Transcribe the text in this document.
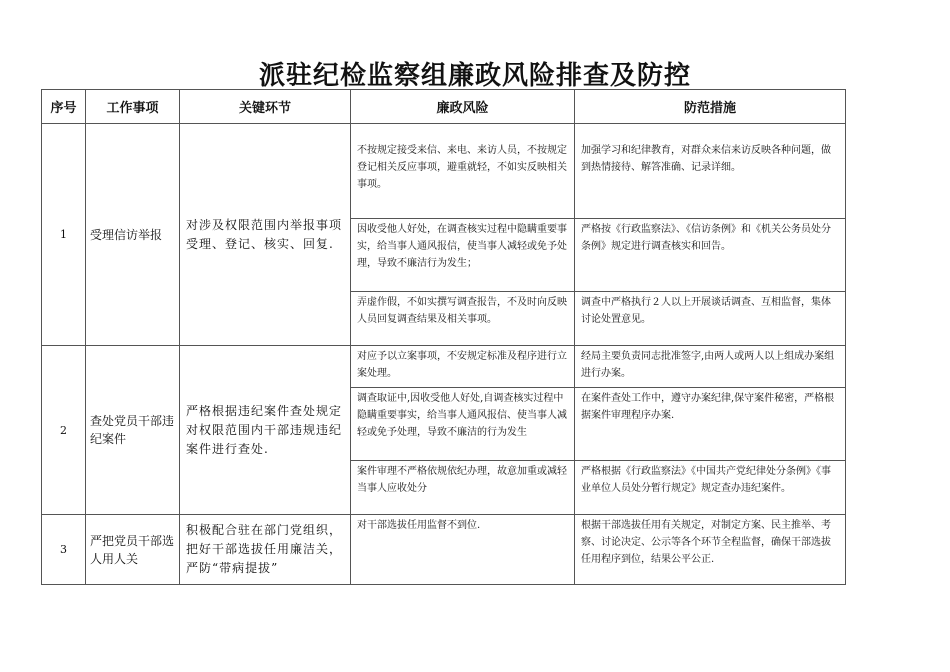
派驻纪检监察组廉政风险排查及防控
序号	工作事项	关键环节	廉政风险	防范措施
1	受理信访举报	对涉及权限范围内举报事项受理、登记、核实、回复.	不按规定接受来信、来电、来访人员，不按规定登记相关反应事项，避重就轻，不如实反映相关事项。	加强学习和纪律教育，对群众来信来访反映各种问题，做到热情接待、解答准确、记录详细。
			因收受他人好处，在调查核实过程中隐瞒重要事实，给当事人通风报信，使当事人减轻或免予处理，导致不廉洁行为发生；	严格按《行政监察法》、《信访条例》和《机关公务员处分条例》规定进行调查核实和回告。
			弄虚作假，不如实撰写调查报告，不及时向反映人员回复调查结果及相关事项。	调查中严格执行２人以上开展谈话调查、互相监督，集体讨论处置意见。
2	查处党员干部违纪案件	严格根据违纪案件查处规定对权限范围内干部违规违纪案件进行查处.	对应予以立案事项，不安规定标准及程序进行立案处理。	经局主要负责同志批准签字,由两人或两人以上组成办案组进行办案。
			调查取证中,因收受他人好处,自调查核实过程中隐瞒重要事实，给当事人通风报信、使当事人减轻或免予处理，导致不廉洁的行为发生	在案件查处工作中，遵守办案纪律,保守案件秘密，严格根据案件审理程序办案.
			案件审理不严格依规依纪办理，故意加重或减轻当事人应收处分	严格根据《行政监察法》《中国共产党纪律处分条例》《事业单位人员处分暂行规定》规定查办违纪案件。
3	严把党员干部选人用人关	积极配合驻在部门党组织，把好干部选拔任用廉洁关，严防“带病提拔”	对干部选拔任用监督不到位.	根据干部选拔任用有关规定，对制定方案、民主推举、考察、讨论决定、公示等各个环节全程监督，确保干部选拔任用程序到位，结果公平公正.
